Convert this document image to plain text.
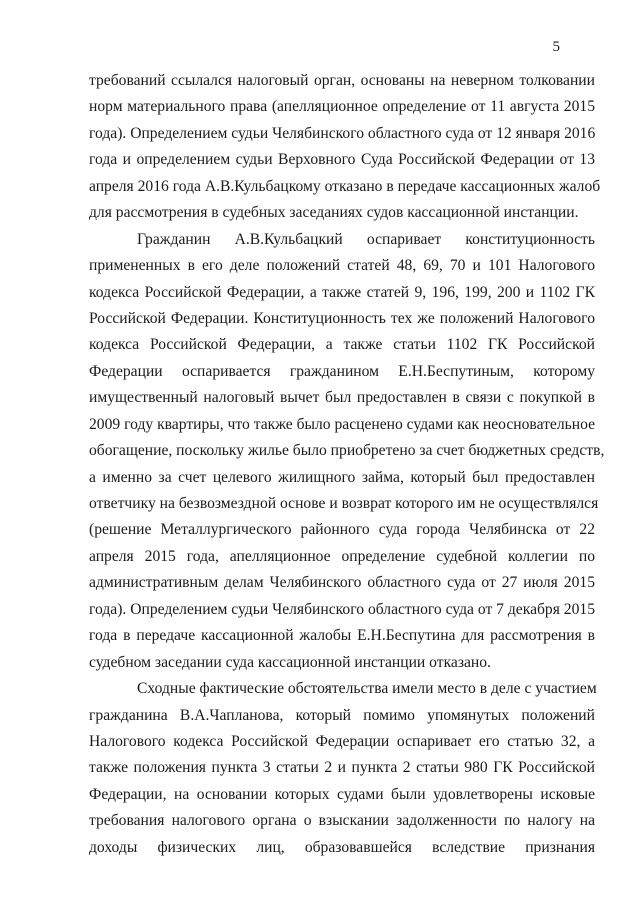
5
требований ссылался налоговый орган, основаны на неверном толковании
норм материального права (апелляционное определение от 11 августа 2015
года). Определением судьи Челябинского областного суда от 12 января 2016
года и определением судьи Верховного Суда Российской Федерации от 13
апреля 2016 года А.В.Кульбацкому отказано в передаче кассационных жалоб
для рассмотрения в судебных заседаниях судов кассационной инстанции.
Гражданин А.В.Кульбацкий оспаривает конституционность
примененных в его деле положений статей 48, 69, 70 и 101 Налогового
кодекса Российской Федерации, а также статей 9, 196, 199, 200 и 1102 ГК
Российской Федерации. Конституционность тех же положений Налогового
кодекса Российской Федерации, а также статьи 1102 ГК Российской
Федерации оспаривается гражданином Е.Н.Беспутиным, которому
имущественный налоговый вычет был предоставлен в связи с покупкой в
2009 году квартиры, что также было расценено судами как неосновательное
обогащение, поскольку жилье было приобретено за счет бюджетных средств,
а именно за счет целевого жилищного займа, который был предоставлен
ответчику на безвозмездной основе и возврат которого им не осуществлялся
(решение Металлургического районного суда города Челябинска от 22
апреля 2015 года, апелляционное определение судебной коллегии по
административным делам Челябинского областного суда от 27 июля 2015
года). Определением судьи Челябинского областного суда от 7 декабря 2015
года в передаче кассационной жалобы Е.Н.Беспутина для рассмотрения в
судебном заседании суда кассационной инстанции отказано.
Сходные фактические обстоятельства имели место в деле с участием
гражданина В.А.Чапланова, который помимо упомянутых положений
Налогового кодекса Российской Федерации оспаривает его статью 32, а
также положения пункта 3 статьи 2 и пункта 2 статьи 980 ГК Российской
Федерации, на основании которых судами были удовлетворены исковые
требования налогового органа о взыскании задолженности по налогу на
доходы физических лиц, образовавшейся вследствие признания
